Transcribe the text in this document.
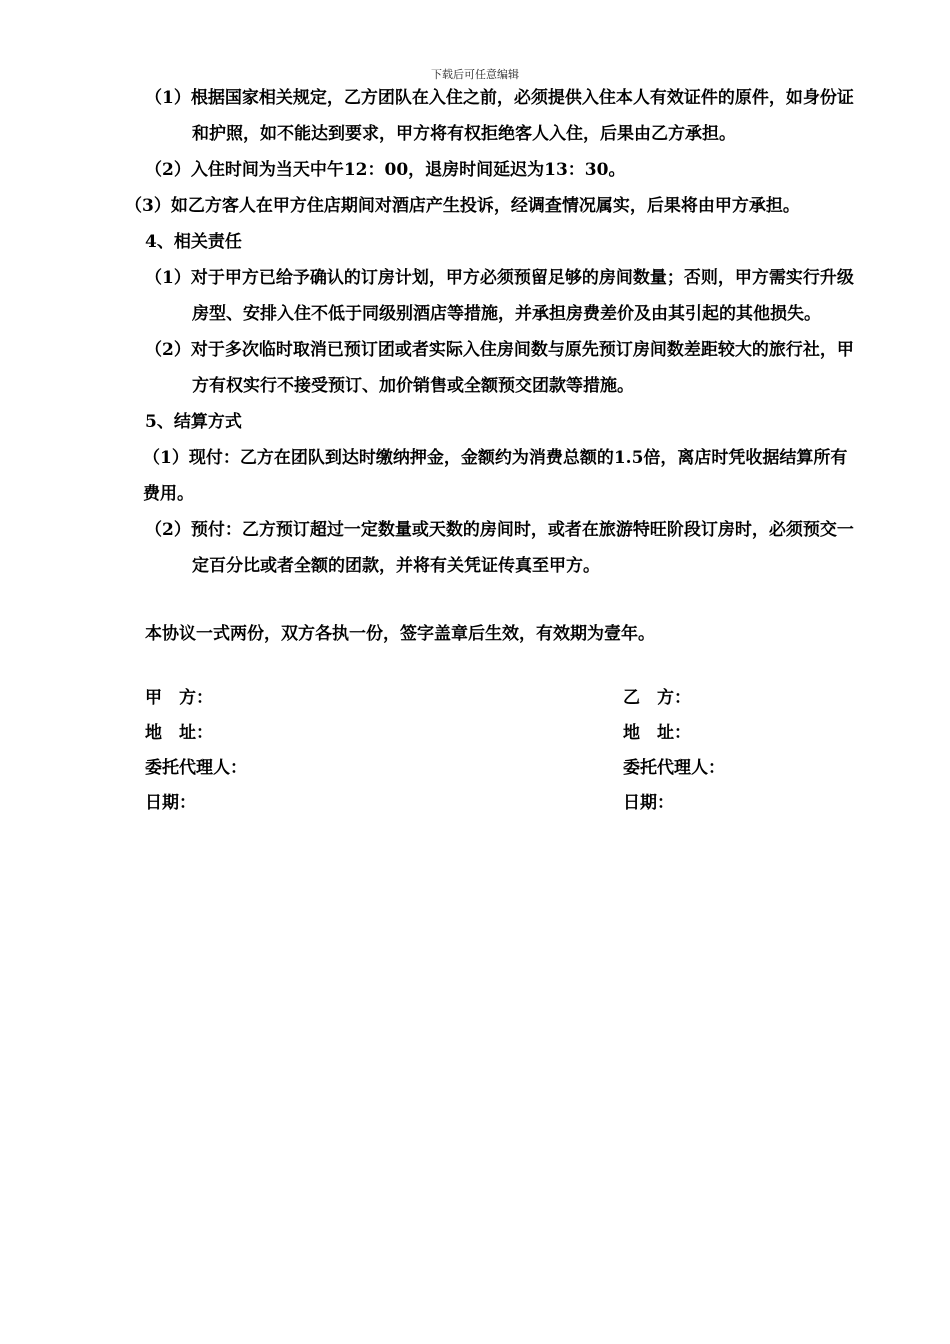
下载后可任意编辑
（1）根据国家相关规定，乙方团队在入住之前，必须提供入住本人有效证件的原件，如身份证和护照，如不能达到要求，甲方将有权拒绝客人入住，后果由乙方承担。
（2）入住时间为当天中午12：00，退房时间延迟为13：30。
（3）如乙方客人在甲方住店期间对酒店产生投诉，经调查情况属实，后果将由甲方承担。
4、相关责任
（1）对于甲方已给予确认的订房计划，甲方必须预留足够的房间数量；否则，甲方需实行升级房型、安排入住不低于同级别酒店等措施，并承担房费差价及由其引起的其他损失。
（2）对于多次临时取消已预订团或者实际入住房间数与原先预订房间数差距较大的旅行社，甲方有权实行不接受预订、加价销售或全额预交团款等措施。
5、结算方式
（1）现付：乙方在团队到达时缴纳押金，金额约为消费总额的1.5倍，离店时凭收据结算所有费用。
（2）预付：乙方预订超过一定数量或天数的房间时，或者在旅游特旺阶段订房时，必须预交一定百分比或者全额的团款，并将有关凭证传真至甲方。
本协议一式两份，双方各执一份，签字盖章后生效，有效期为壹年。
甲　方：	乙　方：
地　址：	地　址：
委托代理人：	委托代理人：
日期：	日期：
